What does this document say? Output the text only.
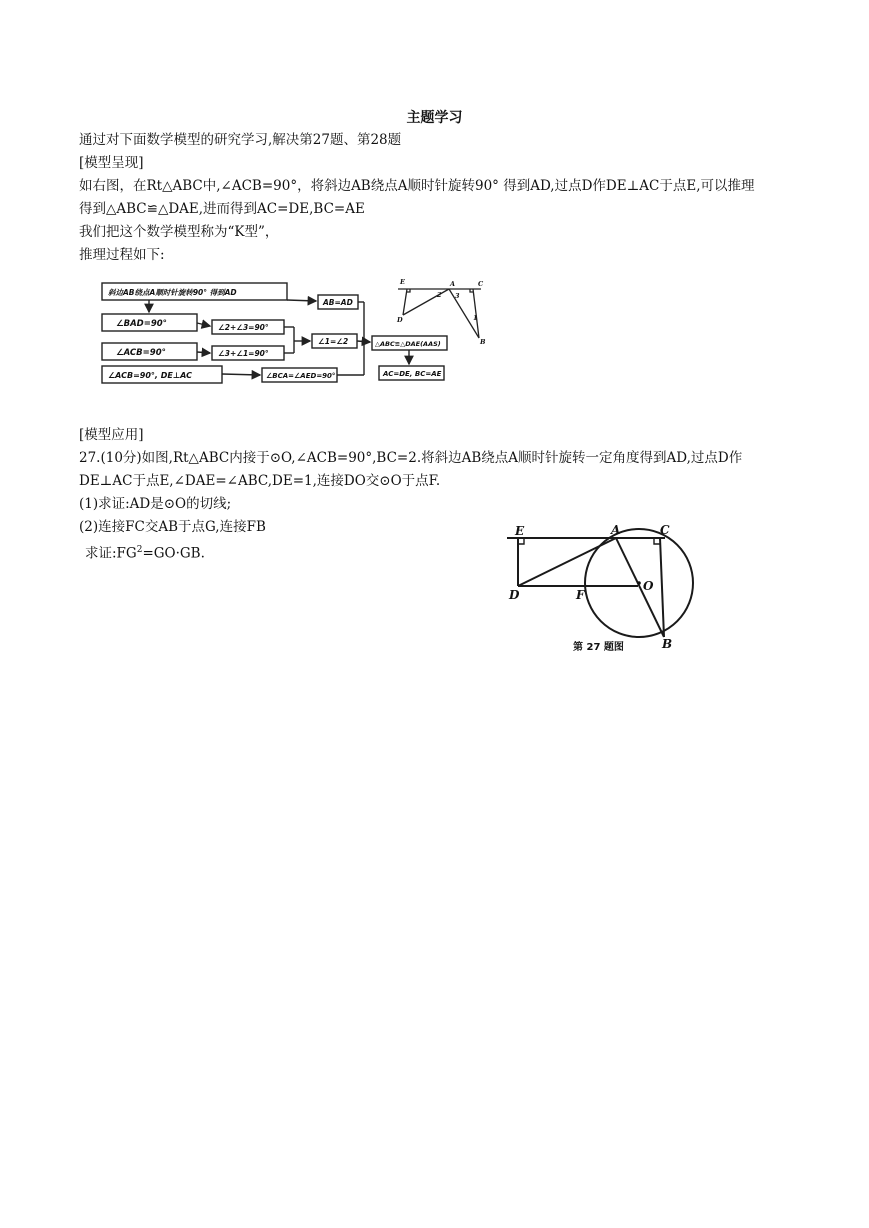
主题学习
通过对下面数学模型的研究学习,解决第27题、第28题
[模型呈现]
如右图，在Rt△ABC中,∠ACB=90°，将斜边AB绕点A顺时针旋转90° 得到AD,过点D作DE⊥AC于点E,可以推理
得到△ABC≌△DAE,进而得到AC=DE,BC=AE
我们把这个数学模型称为“K型”，
推理过程如下:
斜边AB绕点A顺时针旋转90° 得到AD
AB=AD
∠BAD=90°	∠2+∠3=90°
∠ACB=90°	∠3+∠1=90°
∠1=∠2	△ABC≌△DAE(AAS)
∠ACB=90°, DE⊥AC	∠BCA=∠AED=90°	AC=DE, BC=AE
E	A	C
D
B
1
2 3
[模型应用]
27.(10分)如图,Rt△ABC内接于⊙O,∠ACB=90°,BC=2.将斜边AB绕点A顺时针旋转一定角度得到AD,过点D作
DE⊥AC于点E,∠DAE=∠ABC,DE=1,连接DO交⊙O于点F.
(1)求证:AD是⊙O的切线;
(2)连接FC交AB于点G,连接FB
求证$:FG^2=GO\cdot GB$.
E	A	C
D	F
O
B
第 27 题图
